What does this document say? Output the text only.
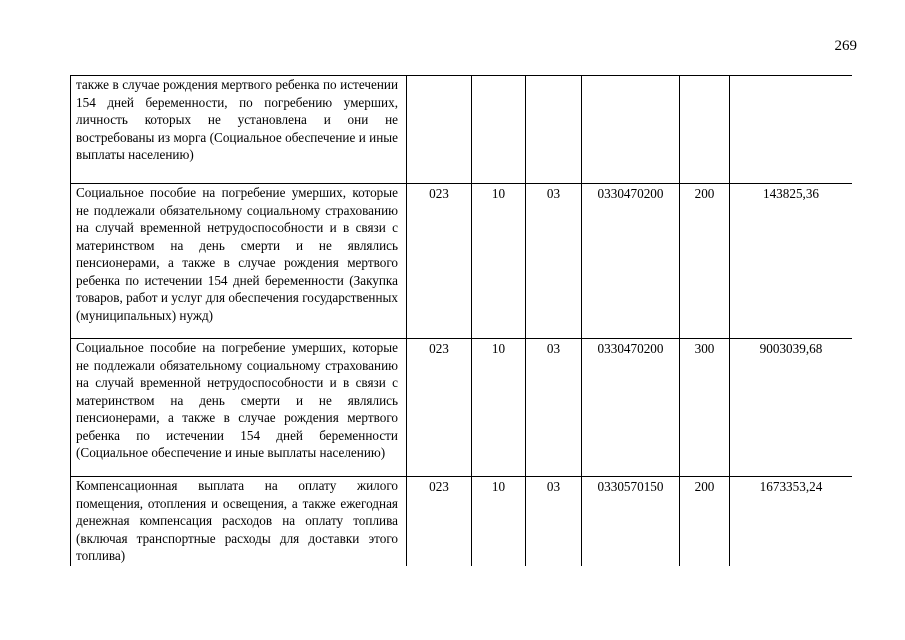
269
также в случае рождения мертвого ребенка по истечении 154 дней беременности, по погребению умерших, личность которых не установлена и они не востребованы из морга (Социальное обеспечение и иные выплаты населению)						
Социальное пособие на погребение умерших, которые не подлежали обязательному социальному страхованию на случай временной нетрудоспособности и в связи с материнством на день смерти и не являлись пенсионерами, а также в случае рождения мертвого ребенка по истечении 154 дней беременности (Закупка товаров, работ и услуг для обеспечения государственных (муниципальных) нужд)	023	10	03	0330470200	200	143825,36
Социальное пособие на погребение умерших, которые не подлежали обязательному социальному страхованию на случай временной нетрудоспособности и в связи с материнством на день смерти и не являлись пенсионерами, а также в случае рождения мертвого ребенка по истечении 154 дней беременности (Социальное обеспечение и иные выплаты населению)	023	10	03	0330470200	300	9003039,68
Компенсационная выплата на оплату жилого помещения, отопления и освещения, а также ежегодная денежная компенсация расходов на оплату топлива (включая транспортные расходы для доставки этого топлива)	023	10	03	0330570150	200	1673353,24
